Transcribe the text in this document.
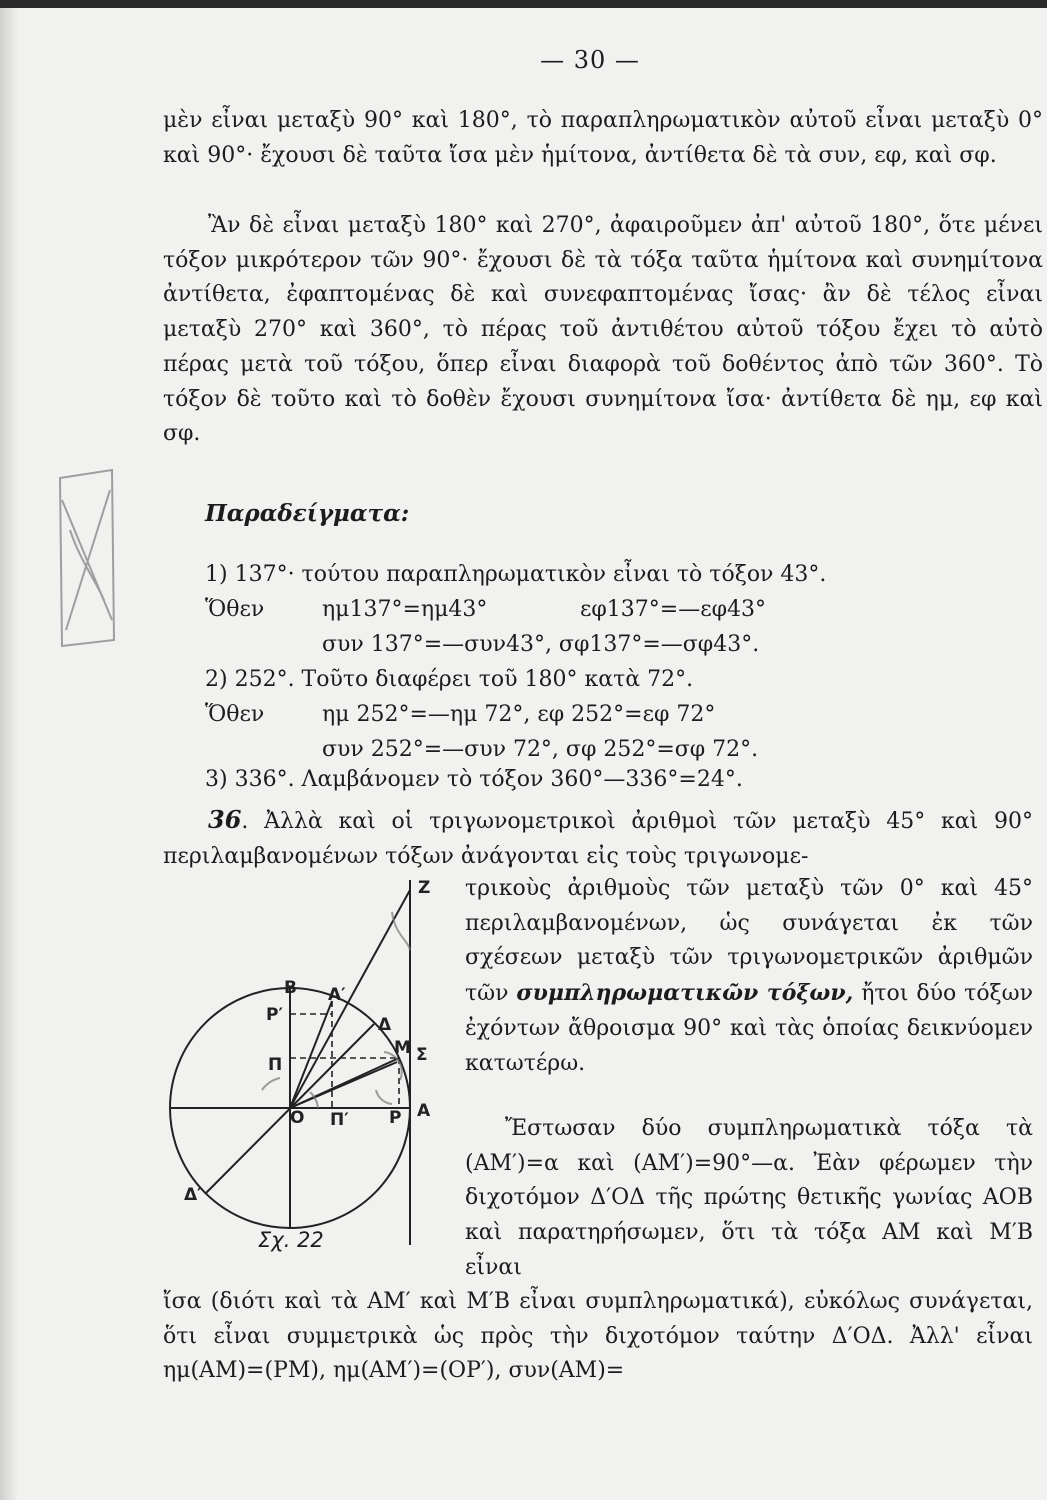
— 30 —

μὲν εἶναι μεταξὺ 90° καὶ 180°, τὸ παραπληρωματικὸν αὐτοῦ εἶναι μεταξὺ 0° καὶ 90°· ἔχουσι δὲ ταῦτα ἴσα μὲν ἡμίτονα, ἀντίθετα δὲ τὰ συν, εφ, καὶ σφ.

Ἂν δὲ εἶναι μεταξὺ 180° καὶ 270°, ἀφαιροῦμεν ἀπ' αὐτοῦ 180°, ὅτε μένει τόξον μικρότερον τῶν 90°· ἔχουσι δὲ τὰ τόξα ταῦτα ἡμίτονα καὶ συνημίτονα ἀντίθετα, ἐφαπτομένας δὲ καὶ συνεφαπτομένας ἴσας· ἂν δὲ τέλος εἶναι μεταξὺ 270° καὶ 360°, τὸ πέρας τοῦ ἀντιθέτου αὐτοῦ τόξου ἔχει τὸ αὐτὸ πέρας μετὰ τοῦ τόξου, ὅπερ εἶναι διαφορὰ τοῦ δοθέντος ἀπὸ τῶν 360°. Τὸ τόξον δὲ τοῦτο καὶ τὸ δοθὲν ἔχουσι συνημίτονα ἴσα· ἀντίθετα δὲ ημ, εφ καὶ σφ.

Παραδείγματα:
1) 137°· τούτου παραπληρωματικὸν εἶναι τὸ τόξον 43°.
Ὅθεν	ημ137°=ημ43°	εφ137°=—εφ43°
συν 137°=—συν43°, σφ137°=—σφ43°.
2) 252°. Τοῦτο διαφέρει τοῦ 180° κατὰ 72°.
Ὅθεν	ημ 252°=—ημ 72°, εφ 252°=εφ 72°
συν 252°=—συν 72°, σφ 252°=σφ 72°.
3) 336°. Λαμβάνομεν τὸ τόξον 360°—336°=24°.

36. Ἀλλὰ καὶ οἱ τριγωνομετρικοὶ ἀριθμοὶ τῶν μεταξὺ 45° καὶ 90° περιλαμβανομένων τόξων ἀνάγονται εἰς τοὺς τριγωνομε-

τρικοὺς ἀριθμοὺς τῶν μεταξὺ τῶν 0° καὶ 45° περιλαμβανομένων, ὡς συνάγεται ἐκ τῶν σχέσεων μεταξὺ τῶν τριγωνομετρικῶν ἀριθμῶν τῶν συμπληρωματικῶν τόξων, ἤτοι δύο τόξων ἐχόντων ἄθροισμα 90° καὶ τὰς ὁποίας δεικνύομεν κατωτέρω.

Ἔστωσαν δύο συμπληρωματικὰ τόξα τὰ (ΑΜ′)=α καὶ (ΑΜ′)=90°—α. Ἐὰν φέρωμεν τὴν διχοτόμον Δ′ΟΔ τῆς πρώτης θετικῆς γωνίας ΑΟΒ καὶ παρατηρήσωμεν, ὅτι τὰ τόξα ΑΜ καὶ Μ′Β εἶναι

ἴσα (διότι καὶ τὰ ΑΜ′ καὶ Μ′Β εἶναι συμπληρωματικά), εὐκόλως συνάγεται, ὅτι εἶναι συμμετρικὰ ὡς πρὸς τὴν διχοτόμον ταύτην Δ′ΟΔ. Ἀλλ' εἶναι ημ(ΑΜ)=(ΡΜ), ημ(ΑΜ′)=(ΟΡ′), συν(ΑΜ)=

B Α′
Ρ′	Δ
Μ Σ
Π
Ο Π′ Ρ Α
Δ′
Ζ
Σχ. 22
